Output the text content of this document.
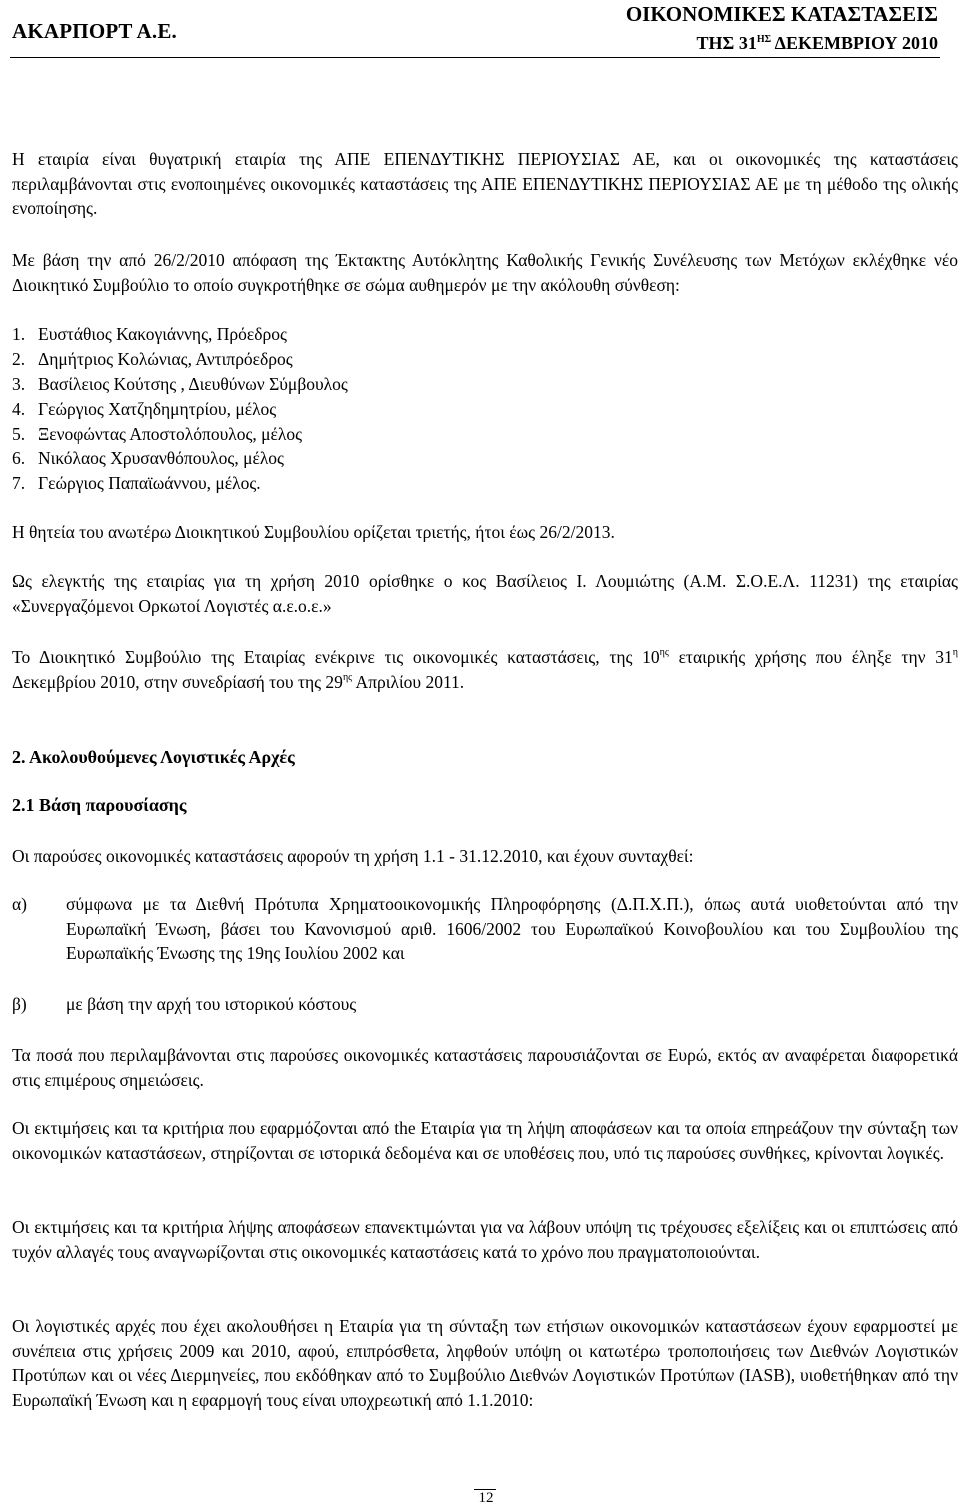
ΑΚΑΡΠΟΡΤ Α.Ε.
ΟΙΚΟΝΟΜΙΚΕΣ ΚΑΤΑΣΤΑΣΕΙΣ
ΤΗΣ $31^{H\Sigma}$ ΔΕΚΕΜΒΡΙΟΥ 2010

Η εταιρία είναι θυγατρική εταιρία της ΑΠΕ ΕΠΕΝΔΥΤΙΚΗΣ ΠΕΡΙΟΥΣΙΑΣ ΑΕ, και οι οικονομικές της καταστάσεις περιλαμβάνονται στις ενοποιημένες οικονομικές καταστάσεις της ΑΠΕ ΕΠΕΝΔΥΤΙΚΗΣ ΠΕΡΙΟΥΣΙΑΣ ΑΕ με τη μέθοδο της ολικής ενοποίησης.

Με βάση την από 26/2/2010 απόφαση της Έκτακτης Αυτόκλητης Καθολικής Γενικής Συνέλευσης των Μετόχων εκλέχθηκε νέο Διοικητικό Συμβούλιο το οποίο συγκροτήθηκε σε σώμα αυθημερόν με την ακόλουθη σύνθεση:

1. Ευστάθιος Κακογιάννης, Πρόεδρος
2. Δημήτριος Κολώνιας, Αντιπρόεδρος
3. Βασίλειος Κούτσης , Διευθύνων Σύμβουλος
4. Γεώργιος Χατζηδημητρίου, μέλος
5. Ξενοφώντας Αποστολόπουλος, μέλος
6. Νικόλαος Χρυσανθόπουλος, μέλος
7. Γεώργιος Παπαϊωάννου, μέλος.

Η θητεία του ανωτέρω Διοικητικού Συμβουλίου ορίζεται τριετής, ήτοι έως 26/2/2013.

Ως ελεγκτής της εταιρίας για τη χρήση 2010 ορίσθηκε ο κος Βασίλειος Ι. Λουμιώτης (Α.Μ. Σ.Ο.Ε.Λ. 11231) της εταιρίας «Συνεργαζόμενοι Ορκωτοί Λογιστές α.ε.ο.ε.»

Το Διοικητικό Συμβούλιο της Εταιρίας ενέκρινε τις οικονομικές καταστάσεις, της $10^{\eta\varsigma}$ εταιρικής χρήσης που έληξε την $31^\eta$ Δεκεμβρίου 2010, στην συνεδρίασή του της $29^{\eta\varsigma}$ Απριλίου 2011.

2. Ακολουθούμενες Λογιστικές Αρχές
2.1 Βάση παρουσίασης

Οι παρούσες οικονομικές καταστάσεις αφορούν τη χρήση 1.1 - 31.12.2010, και έχουν συνταχθεί:

α) σύμφωνα με τα Διεθνή Πρότυπα Χρηματοοικονομικής Πληροφόρησης (Δ.Π.Χ.Π.), όπως αυτά υιοθετούνται από την Ευρωπαϊκή Ένωση, βάσει του Κανονισμού αριθ. 1606/2002 του Ευρωπαϊκού Κοινοβουλίου και του Συμβουλίου της Ευρωπαϊκής Ένωσης της 19ης Ιουλίου 2002 και

β) με βάση την αρχή του ιστορικού κόστους

Τα ποσά που περιλαμβάνονται στις παρούσες οικονομικές καταστάσεις παρουσιάζονται σε Ευρώ, εκτός αν αναφέρεται διαφορετικά στις επιμέρους σημειώσεις.

Οι εκτιμήσεις και τα κριτήρια που εφαρμόζονται από the Εταιρία για τη λήψη αποφάσεων και τα οποία επηρεάζουν την σύνταξη των οικονομικών καταστάσεων, στηρίζονται σε ιστορικά δεδομένα και σε υποθέσεις που, υπό τις παρούσες συνθήκες, κρίνονται λογικές.

Οι εκτιμήσεις και τα κριτήρια λήψης αποφάσεων επανεκτιμώνται για να λάβουν υπόψη τις τρέχουσες εξελίξεις και οι επιπτώσεις από τυχόν αλλαγές τους αναγνωρίζονται στις οικονομικές καταστάσεις κατά το χρόνο που πραγματοποιούνται.

Οι λογιστικές αρχές που έχει ακολουθήσει η Εταιρία για τη σύνταξη των ετήσιων οικονομικών καταστάσεων έχουν εφαρμοστεί με συνέπεια στις χρήσεις 2009 και 2010, αφού, επιπρόσθετα, ληφθούν υπόψη οι κατωτέρω τροποποιήσεις των Διεθνών Λογιστικών Προτύπων και οι νέες Διερμηνείες, που εκδόθηκαν από το Συμβούλιο Διεθνών Λογιστικών Προτύπων (IASB), υιοθετήθηκαν από την Ευρωπαϊκή Ένωση και η εφαρμογή τους είναι υποχρεωτική από 1.1.2010:

12
